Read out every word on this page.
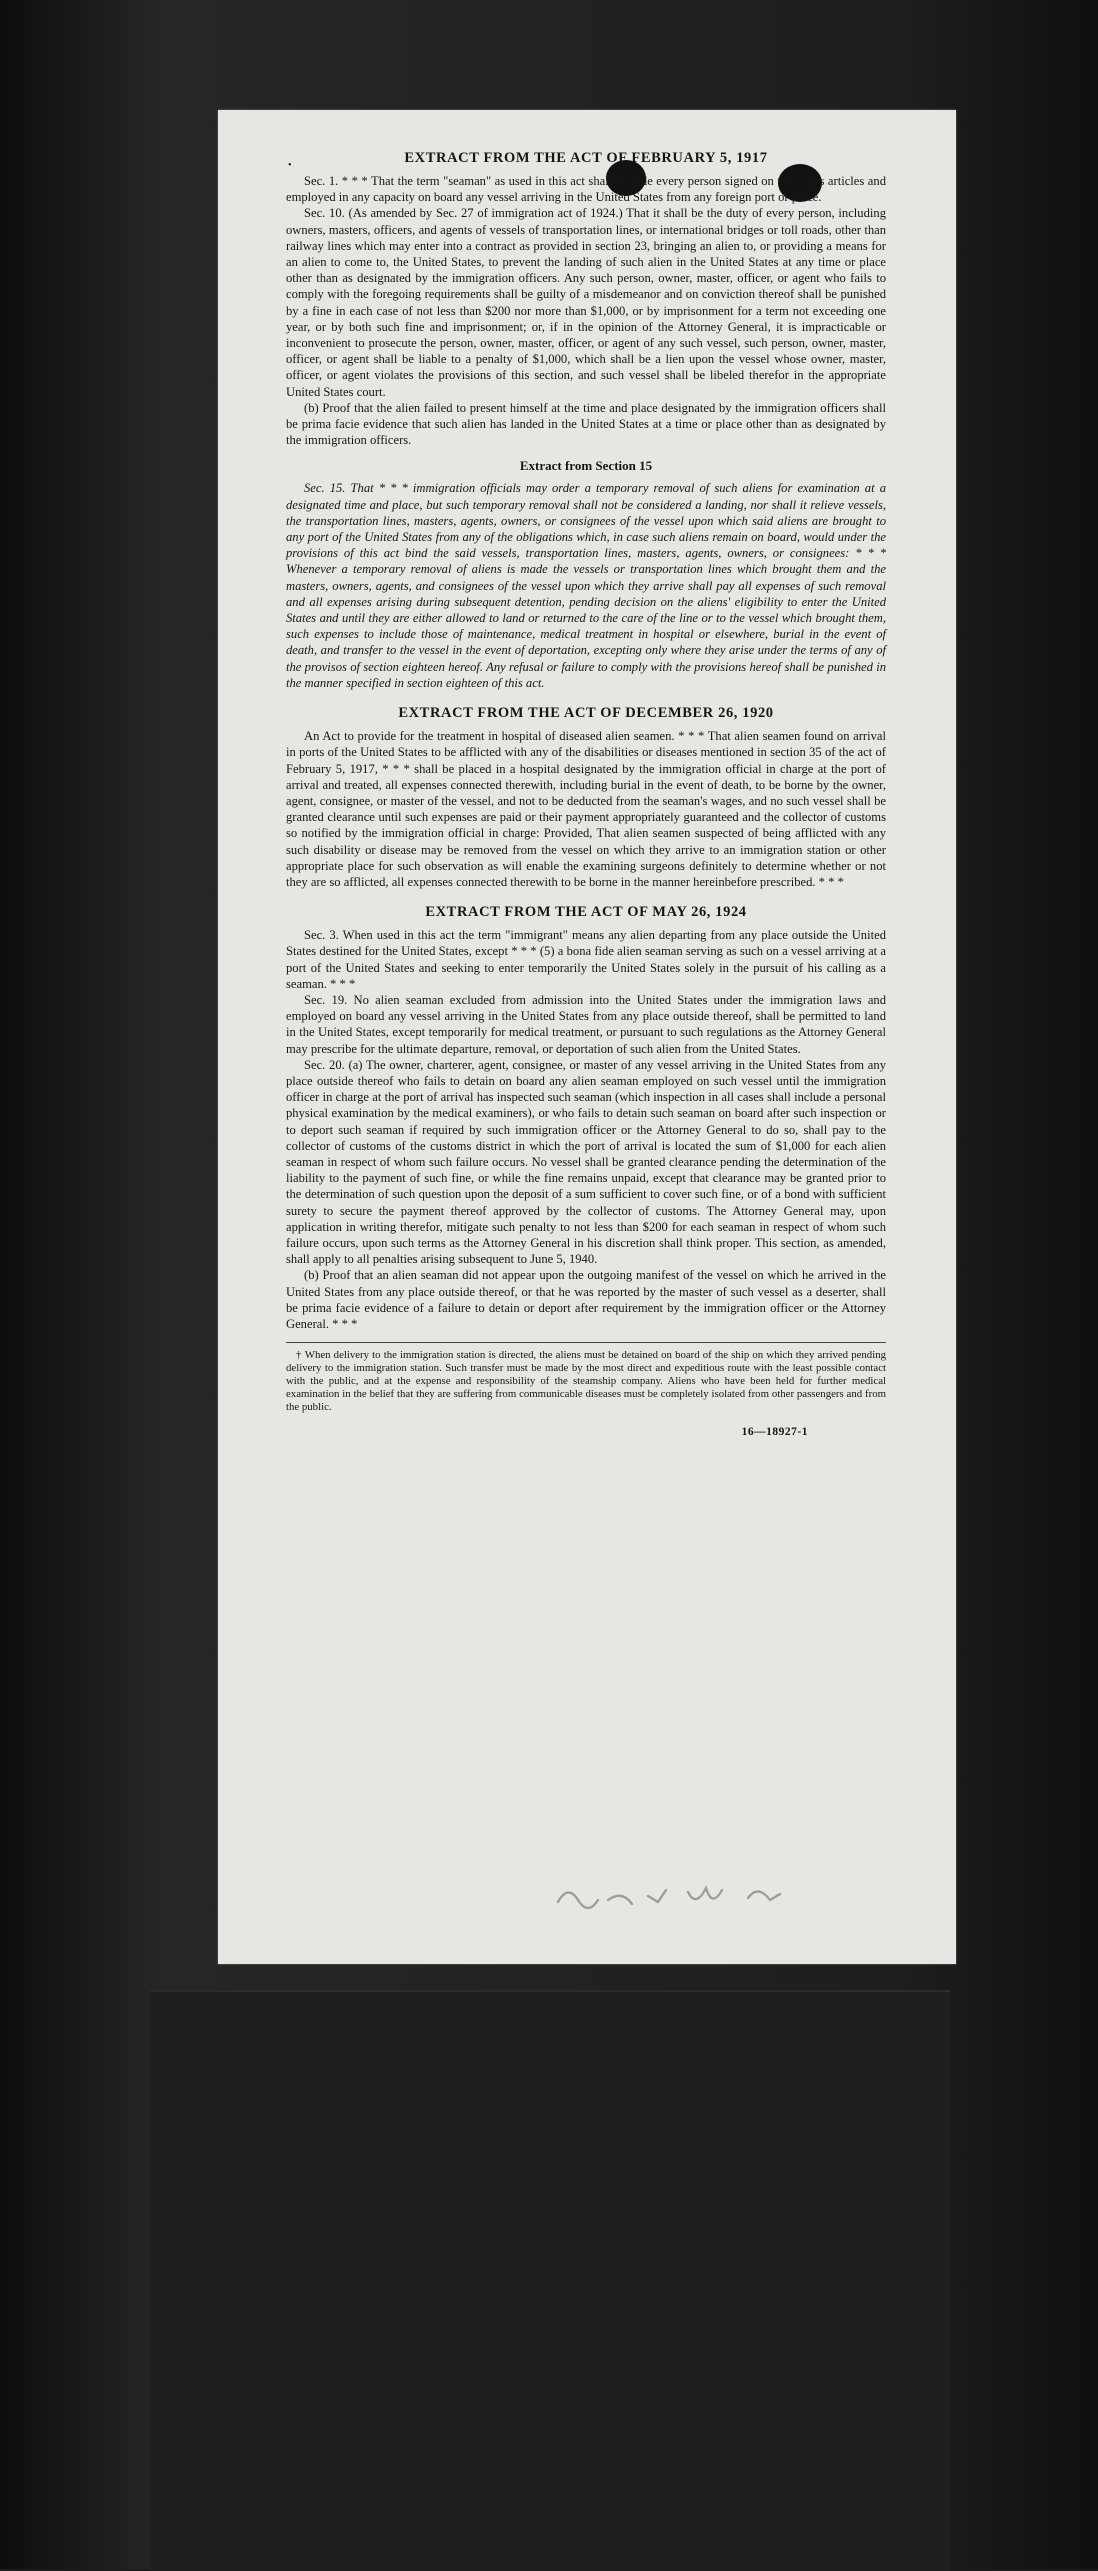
•	EXTRACT FROM THE ACT OF FEBRUARY 5, 1917

Sec. 1. * * * That the term "seaman" as used in this act shall include every person signed on the ship's articles and employed in any capacity on board any vessel arriving in the United States from any foreign port or place.

Sec. 10. (As amended by Sec. 27 of immigration act of 1924.) That it shall be the duty of every person, including owners, masters, officers, and agents of vessels of transportation lines, or international bridges or toll roads, other than railway lines which may enter into a contract as provided in section 23, bringing an alien to, or providing a means for an alien to come to, the United States, to prevent the landing of such alien in the United States at any time or place other than as designated by the immigration officers. Any such person, owner, master, officer, or agent who fails to comply with the foregoing requirements shall be guilty of a misdemeanor and on conviction thereof shall be punished by a fine in each case of not less than $200 nor more than $1,000, or by imprisonment for a term not exceeding one year, or by both such fine and imprisonment; or, if in the opinion of the Attorney General, it is impracticable or inconvenient to prosecute the person, owner, master, officer, or agent of any such vessel, such person, owner, master, officer, or agent shall be liable to a penalty of $1,000, which shall be a lien upon the vessel whose owner, master, officer, or agent violates the provisions of this section, and such vessel shall be libeled therefor in the appropriate United States court.

(b) Proof that the alien failed to present himself at the time and place designated by the immigration officers shall be prima facie evidence that such alien has landed in the United States at a time or place other than as designated by the immigration officers.

Extract from Section 15

Sec. 15. That * * * immigration officials may order a temporary removal of such aliens for examination at a designated time and place, but such temporary removal shall not be considered a landing, nor shall it relieve vessels, the transportation lines, masters, agents, owners, or consignees of the vessel upon which said aliens are brought to any port of the United States from any of the obligations which, in case such aliens remain on board, would under the provisions of this act bind the said vessels, transportation lines, masters, agents, owners, or consignees: * * * Whenever a temporary removal of aliens is made the vessels or transportation lines which brought them and the masters, owners, agents, and consignees of the vessel upon which they arrive shall pay all expenses of such removal and all expenses arising during subsequent detention, pending decision on the aliens' eligibility to enter the United States and until they are either allowed to land or returned to the care of the line or to the vessel which brought them, such expenses to include those of maintenance, medical treatment in hospital or elsewhere, burial in the event of death, and transfer to the vessel in the event of deportation, excepting only where they arise under the terms of any of the provisos of section eighteen hereof. Any refusal or failure to comply with the provisions hereof shall be punished in the manner specified in section eighteen of this act.

EXTRACT FROM THE ACT OF DECEMBER 26, 1920

An Act to provide for the treatment in hospital of diseased alien seamen. * * * That alien seamen found on arrival in ports of the United States to be afflicted with any of the disabilities or diseases mentioned in section 35 of the act of February 5, 1917, * * * shall be placed in a hospital designated by the immigration official in charge at the port of arrival and treated, all expenses connected therewith, including burial in the event of death, to be borne by the owner, agent, consignee, or master of the vessel, and not to be deducted from the seaman's wages, and no such vessel shall be granted clearance until such expenses are paid or their payment appropriately guaranteed and the collector of customs so notified by the immigration official in charge: Provided, That alien seamen suspected of being afflicted with any such disability or disease may be removed from the vessel on which they arrive to an immigration station or other appropriate place for such observation as will enable the examining surgeons definitely to determine whether or not they are so afflicted, all expenses connected therewith to be borne in the manner hereinbefore prescribed. * * *

EXTRACT FROM THE ACT OF MAY 26, 1924

Sec. 3. When used in this act the term "immigrant" means any alien departing from any place outside the United States destined for the United States, except * * * (5) a bona fide alien seaman serving as such on a vessel arriving at a port of the United States and seeking to enter temporarily the United States solely in the pursuit of his calling as a seaman. * * *

Sec. 19. No alien seaman excluded from admission into the United States under the immigration laws and employed on board any vessel arriving in the United States from any place outside thereof, shall be permitted to land in the United States, except temporarily for medical treatment, or pursuant to such regulations as the Attorney General may prescribe for the ultimate departure, removal, or deportation of such alien from the United States.

Sec. 20. (a) The owner, charterer, agent, consignee, or master of any vessel arriving in the United States from any place outside thereof who fails to detain on board any alien seaman employed on such vessel until the immigration officer in charge at the port of arrival has inspected such seaman (which inspection in all cases shall include a personal physical examination by the medical examiners), or who fails to detain such seaman on board after such inspection or to deport such seaman if required by such immigration officer or the Attorney General to do so, shall pay to the collector of customs of the customs district in which the port of arrival is located the sum of $1,000 for each alien seaman in respect of whom such failure occurs. No vessel shall be granted clearance pending the determination of the liability to the payment of such fine, or while the fine remains unpaid, except that clearance may be granted prior to the determination of such question upon the deposit of a sum sufficient to cover such fine, or of a bond with sufficient surety to secure the payment thereof approved by the collector of customs. The Attorney General may, upon application in writing therefor, mitigate such penalty to not less than $200 for each seaman in respect of whom such failure occurs, upon such terms as the Attorney General in his discretion shall think proper. This section, as amended, shall apply to all penalties arising subsequent to June 5, 1940.

(b) Proof that an alien seaman did not appear upon the outgoing manifest of the vessel on which he arrived in the United States from any place outside thereof, or that he was reported by the master of such vessel as a deserter, shall be prima facie evidence of a failure to detain or deport after requirement by the immigration officer or the Attorney General. * * *

† When delivery to the immigration station is directed, the aliens must be detained on board of the ship on which they arrived pending delivery to the immigration station. Such transfer must be made by the most direct and expeditious route with the least possible contact with the public, and at the expense and responsibility of the steamship company. Aliens who have been held for further medical examination in the belief that they are suffering from communicable diseases must be completely isolated from other passengers and from the public.

16—18927-1
